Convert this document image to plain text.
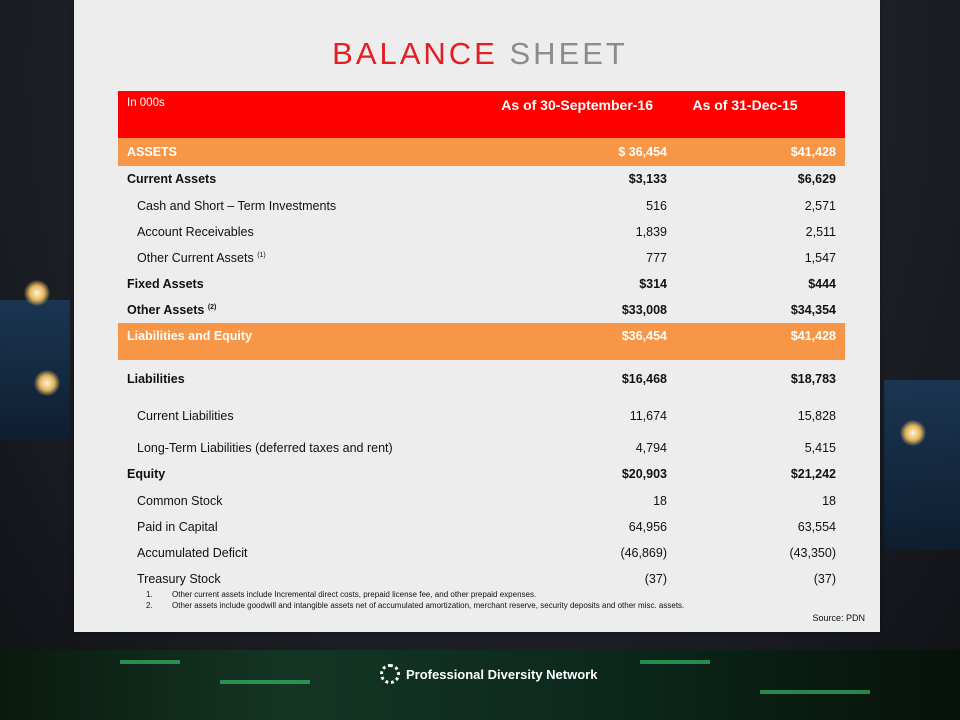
BALANCE SHEET
In 000s	As of 30-September-16	As of 31-Dec-15
ASSETS	$ 36,454	$41,428
Current Assets	$3,133	$6,629
Cash and Short – Term Investments	516	2,571
Account Receivables	1,839	2,511
Other Current Assets $^{(1)}$	777	1,547
Fixed Assets	$314	$444
Other Assets $^{(2)}$	$33,008	$34,354
Liabilities and Equity	$36,454	$41,428
Liabilities	$16,468	$18,783
Current Liabilities	11,674	15,828
Long-Term Liabilities (deferred taxes and rent)	4,794	5,415
Equity	$20,903	$21,242
Common Stock	18	18
Paid in Capital	64,956	63,554
Accumulated Deficit	(46,869)	(43,350)
Treasury Stock	(37)	(37)
1.	Other current assets include Incremental direct costs, prepaid license fee, and other prepaid expenses.
2.	Other assets include goodwill and intangible assets net of accumulated amortization, merchant reserve, security deposits and other misc. assets.
Source: PDN
Professional Diversity Network
